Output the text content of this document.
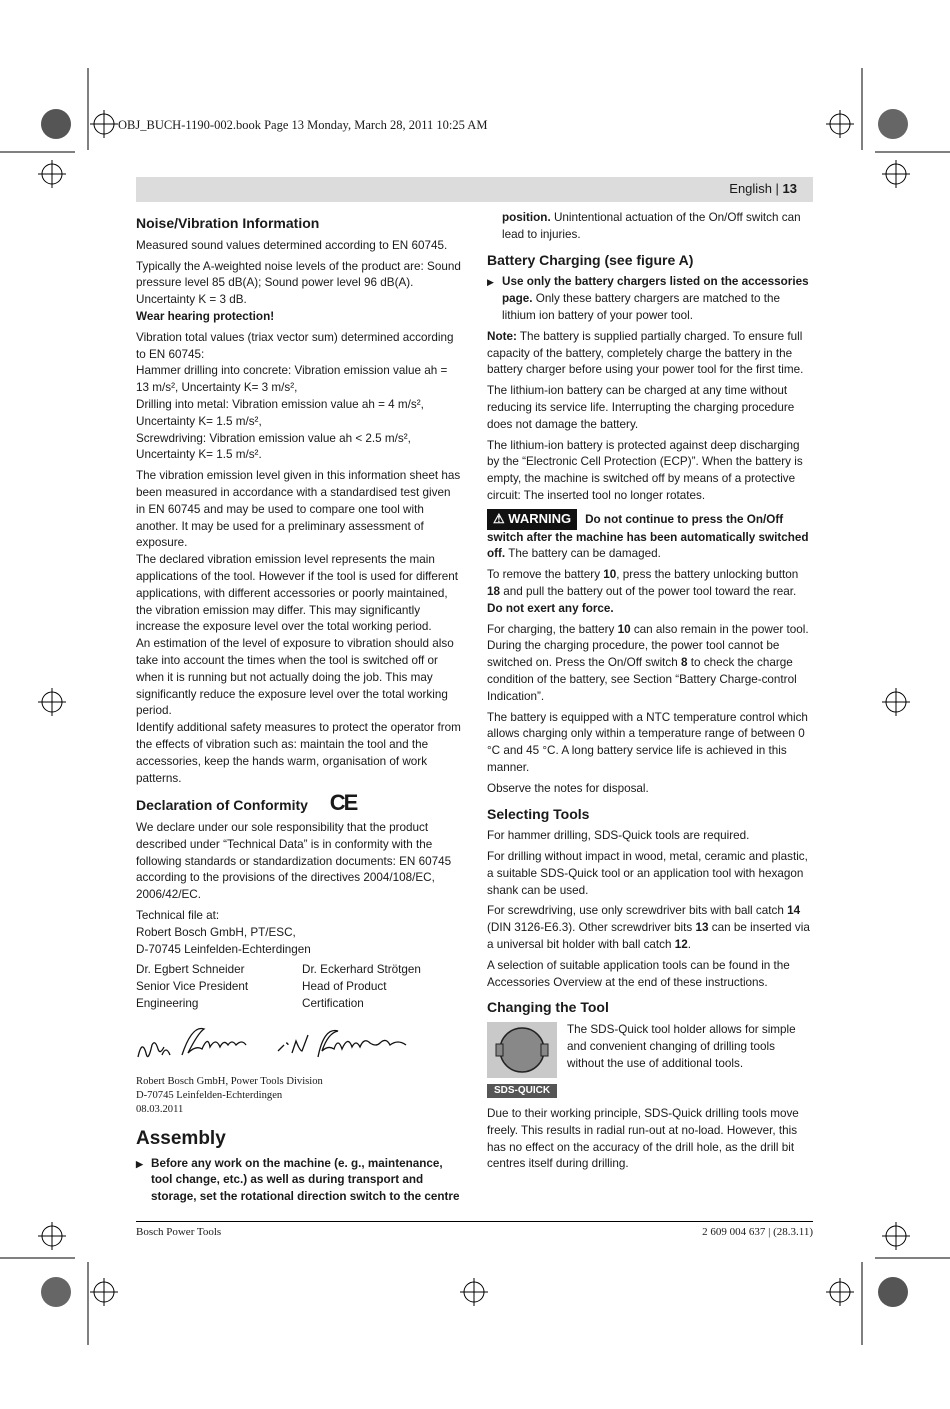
OBJ_BUCH-1190-002.book Page 13 Monday, March 28, 2011 10:25 AM
English | 13
Noise/Vibration Information

Measured sound values determined according to EN 60745.

Typically the A-weighted noise levels of the product are: Sound pressure level 85 dB(A); Sound power level 96 dB(A). Uncertainty K = 3 dB.

Wear hearing protection!

Vibration total values (triax vector sum) determined according to EN 60745:

Hammer drilling into concrete: Vibration emission value ah = 13 m/s², Uncertainty K= 3 m/s²,

Drilling into metal: Vibration emission value ah = 4 m/s², Uncertainty K= 1.5 m/s²,

Screwdriving: Vibration emission value ah < 2.5 m/s², Uncertainty K= 1.5 m/s².

The vibration emission level given in this information sheet has been measured in accordance with a standardised test given in EN 60745 and may be used to compare one tool with another. It may be used for a preliminary assessment of exposure.

The declared vibration emission level represents the main applications of the tool. However if the tool is used for different applications, with different accessories or poorly maintained, the vibration emission may differ. This may significantly increase the exposure level over the total working period.

An estimation of the level of exposure to vibration should also take into account the times when the tool is switched off or when it is running but not actually doing the job. This may significantly reduce the exposure level over the total working period.

Identify additional safety measures to protect the operator from the effects of vibration such as: maintain the tool and the accessories, keep the hands warm, organisation of work patterns.

Declaration of Conformity CE

We declare under our sole responsibility that the product described under “Technical Data” is in conformity with the following standards or standardization documents: EN 60745 according to the provisions of the directives 2004/108/EC, 2006/42/EC.

Technical file at:

Robert Bosch GmbH, PT/ESC,

D-70745 Leinfelden-Echterdingen

Dr. Egbert Schneider
Senior Vice President
Engineering
Dr. Eckerhard Strötgen
Head of Product
Certification
Robert Bosch GmbH, Power Tools Division
D-70745 Leinfelden-Echterdingen
08.03.2011
Assembly
▶ Before any work on the machine (e. g., maintenance, tool change, etc.) as well as during transport and storage, set the rotational direction switch to the centre

position. Unintentional actuation of the On/Off switch can lead to injuries.

Battery Charging (see figure A)

▶ Use only the battery chargers listed on the accessories page. Only these battery chargers are matched to the lithium ion battery of your power tool.

Note: The battery is supplied partially charged. To ensure full capacity of the battery, completely charge the battery in the battery charger before using your power tool for the first time.

The lithium-ion battery can be charged at any time without reducing its service life. Interrupting the charging procedure does not damage the battery.

The lithium-ion battery is protected against deep discharging by the “Electronic Cell Protection (ECP)”. When the battery is empty, the machine is switched off by means of a protective circuit: The inserted tool no longer rotates.

⚠ WARNING Do not continue to press the On/Off switch after the machine has been automatically switched off. The battery can be damaged.

To remove the battery 10, press the battery unlocking button 18 and pull the battery out of the power tool toward the rear. Do not exert any force.

For charging, the battery 10 can also remain in the power tool. During the charging procedure, the power tool cannot be switched on. Press the On/Off switch 8 to check the charge condition of the battery, see Section “Battery Charge-control Indication”.

The battery is equipped with a NTC temperature control which allows charging only within a temperature range of between 0 °C and 45 °C. A long battery service life is achieved in this manner.

Observe the notes for disposal.

Selecting Tools

For hammer drilling, SDS-Quick tools are required.

For drilling without impact in wood, metal, ceramic and plastic, a suitable SDS-Quick tool or an application tool with hexagon shank can be used.

For screwdriving, use only screwdriver bits with ball catch 14 (DIN 3126-E6.3). Other screwdriver bits 13 can be inserted via a universal bit holder with ball catch 12.

A selection of suitable application tools can be found in the Accessories Overview at the end of these instructions.

Changing the Tool
SDS-QUICK
The SDS-Quick tool holder allows for simple and convenient changing of drilling tools without the use of additional tools.

Due to their working principle, SDS-Quick drilling tools move freely. This results in radial run-out at no-load. However, this has no effect on the accuracy of the drill hole, as the drill bit centres itself during drilling.

Bosch Power Tools	2 609 004 637 | (28.3.11)
